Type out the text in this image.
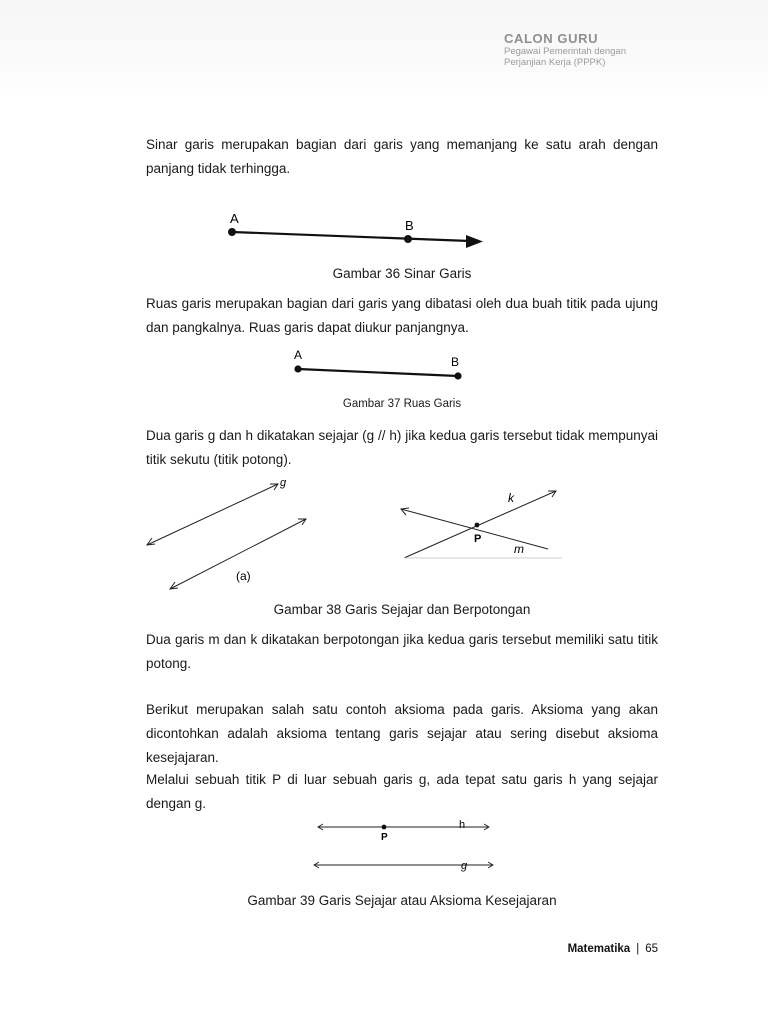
CALON GURU
Pegawai Pemerintah dengan
Perjanjian Kerja (PPPK)

Sinar garis merupakan bagian dari garis yang memanjang ke satu arah dengan panjang tidak terhingga.

A	B
A	B
g
(a)
k
P
m
P
h
g

Gambar 36 Sinar Garis

Ruas garis merupakan bagian dari garis yang dibatasi oleh dua buah titik pada ujung dan pangkalnya. Ruas garis dapat diukur panjangnya.

Gambar 37 Ruas Garis

Dua garis g dan h dikatakan sejajar (g // h) jika kedua garis tersebut tidak mempunyai titik sekutu (titik potong).

Gambar 38 Garis Sejajar dan Berpotongan

Dua garis m dan k dikatakan berpotongan jika kedua garis tersebut memiliki satu titik potong.

Berikut merupakan salah satu contoh aksioma pada garis. Aksioma yang akan dicontohkan adalah aksioma tentang garis sejajar atau sering disebut aksioma kesejajaran.

Melalui sebuah titik P di luar sebuah garis g, ada tepat satu garis h yang sejajar dengan g.

Gambar 39 Garis Sejajar atau Aksioma Kesejajaran

Matematika | 65
